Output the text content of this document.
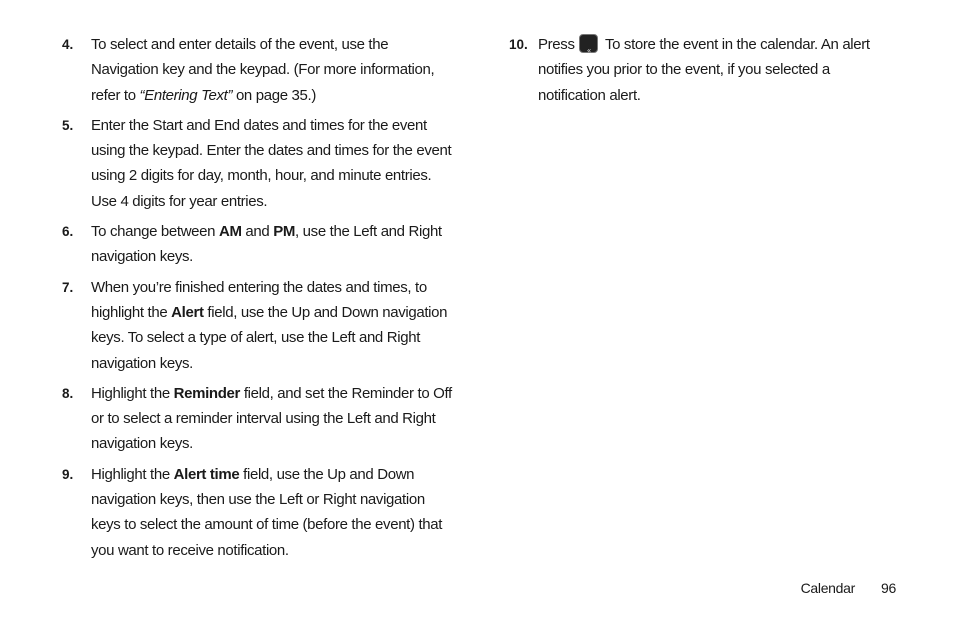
4.	To select and enter details of the event, use the Navigation key and the keypad. (For more information, refer to “Entering Text” on page 35.)
5.	Enter the Start and End dates and times for the event using the keypad. Enter the dates and times for the event using 2 digits for day, month, hour, and minute entries. Use 4 digits for year entries.
6.	To change between AM and PM, use the Left and Right navigation keys.
7.	When you’re finished entering the dates and times, to highlight the Alert field, use the Up and Down navigation keys. To select a type of alert, use the Left and Right navigation keys.
8.	Highlight the Reminder field, and set the Reminder to Off or to select a reminder interval using the Left and Right navigation keys.
9.	Highlight the Alert time field, use the Up and Down navigation keys, then use the Left or Right navigation keys to select the amount of time (before the event) that you want to receive notification.
10. Press « To store the event in the calendar. An alert notifies you prior to the event, if you selected a notification alert.
Calendar 96
